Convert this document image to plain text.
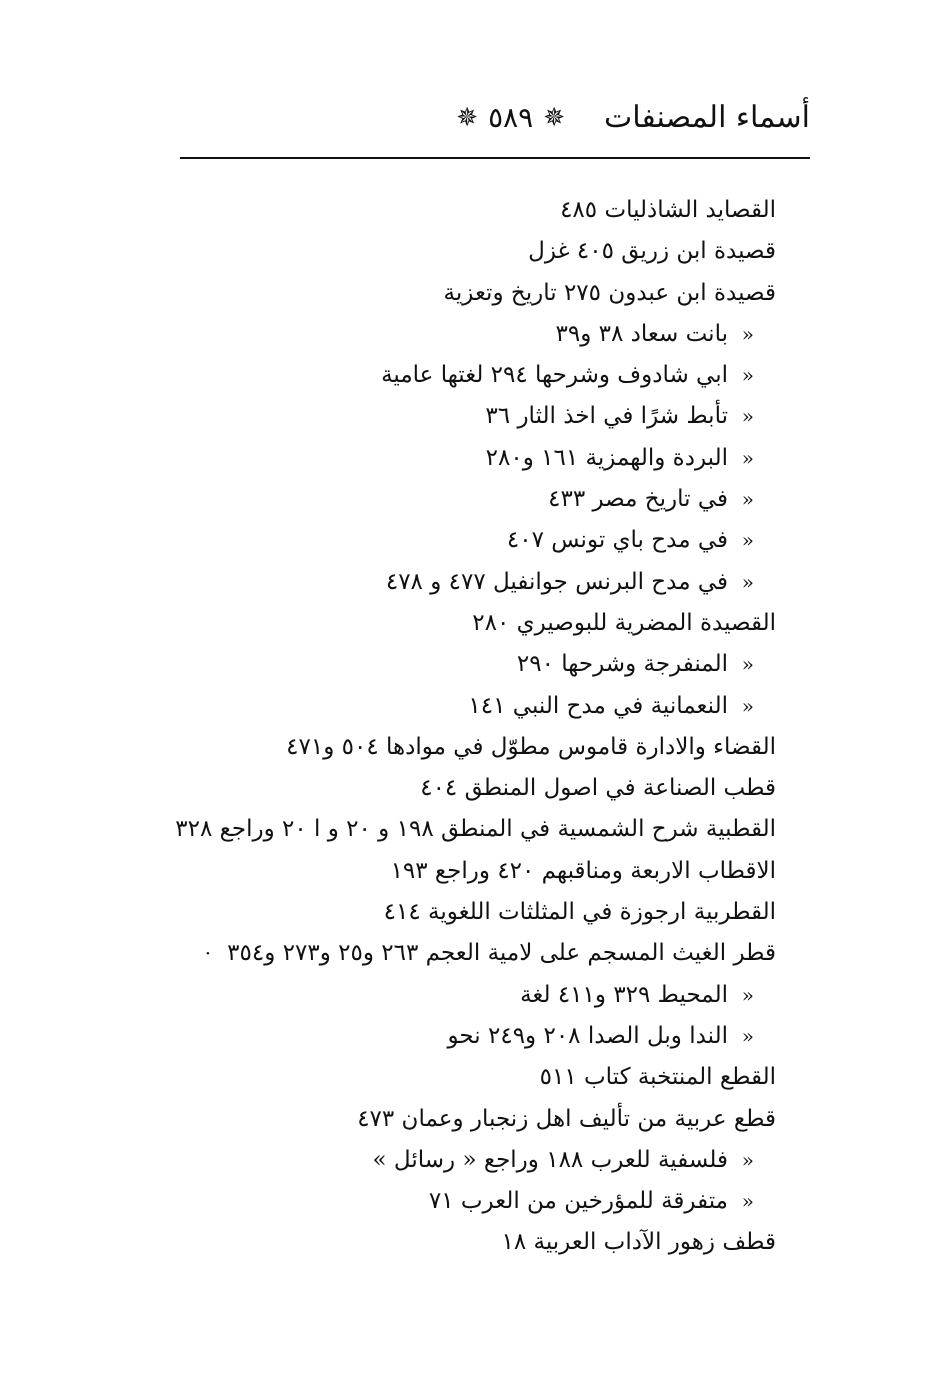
أسماء المصنفات
✵
٥٨٩
✵
القصايد الشاذليات ٤٨٥
قصيدة ابن زريق ٤٠٥ غزل
قصيدة ابن عبدون ٢٧٥ تاريخ وتعزية
«
بانت سعاد ٣٨ و٣٩
«
ابي شادوف وشرحها ٢٩٤ لغتها عامية
«
تأبط شرًا في اخذ الثار ٣٦
«
البردة والهمزية ١٦١ و٢٨٠
«
في تاريخ مصر ٤٣٣
«
في مدح باي تونس ٤٠٧
«
في مدح البرنس جوانفيل ٤٧٧ و ٤٧٨
القصيدة المضرية للبوصيري ٢٨٠
«
المنفرجة وشرحها ٢٩٠
«
النعمانية في مدح النبي ١٤١
القضاء والادارة قاموس مطوّل في موادها ٥٠٤ و٤٧١
قطب الصناعة في اصول المنطق ٤٠٤
القطبية شرح الشمسية في المنطق ١٩٨ و ٢٠ و ا ٢٠ وراجع ٣٢٨
الاقطاب الاربعة ومناقبهم ٤٢٠ وراجع ١٩٣
القطربية ارجوزة في المثلثات اللغوية ٤١٤
قطر الغيث المسجم على لامية العجم ٢٦٣ و٢٥ و٢٧٣ و٣٥٤·
«
المحيط ٣٢٩ و٤١١ لغة
«
الندا وبل الصدا ٢٠٨ و٢٤٩ نحو
القطع المنتخبة كتاب ٥١١
قطع عربية من تأليف اهل زنجبار وعمان ٤٧٣
«
فلسفية للعرب ١٨٨ وراجع « رسائل »
«
متفرقة للمؤرخين من العرب ٧١
قطف زهور الآداب العربية ١٨
